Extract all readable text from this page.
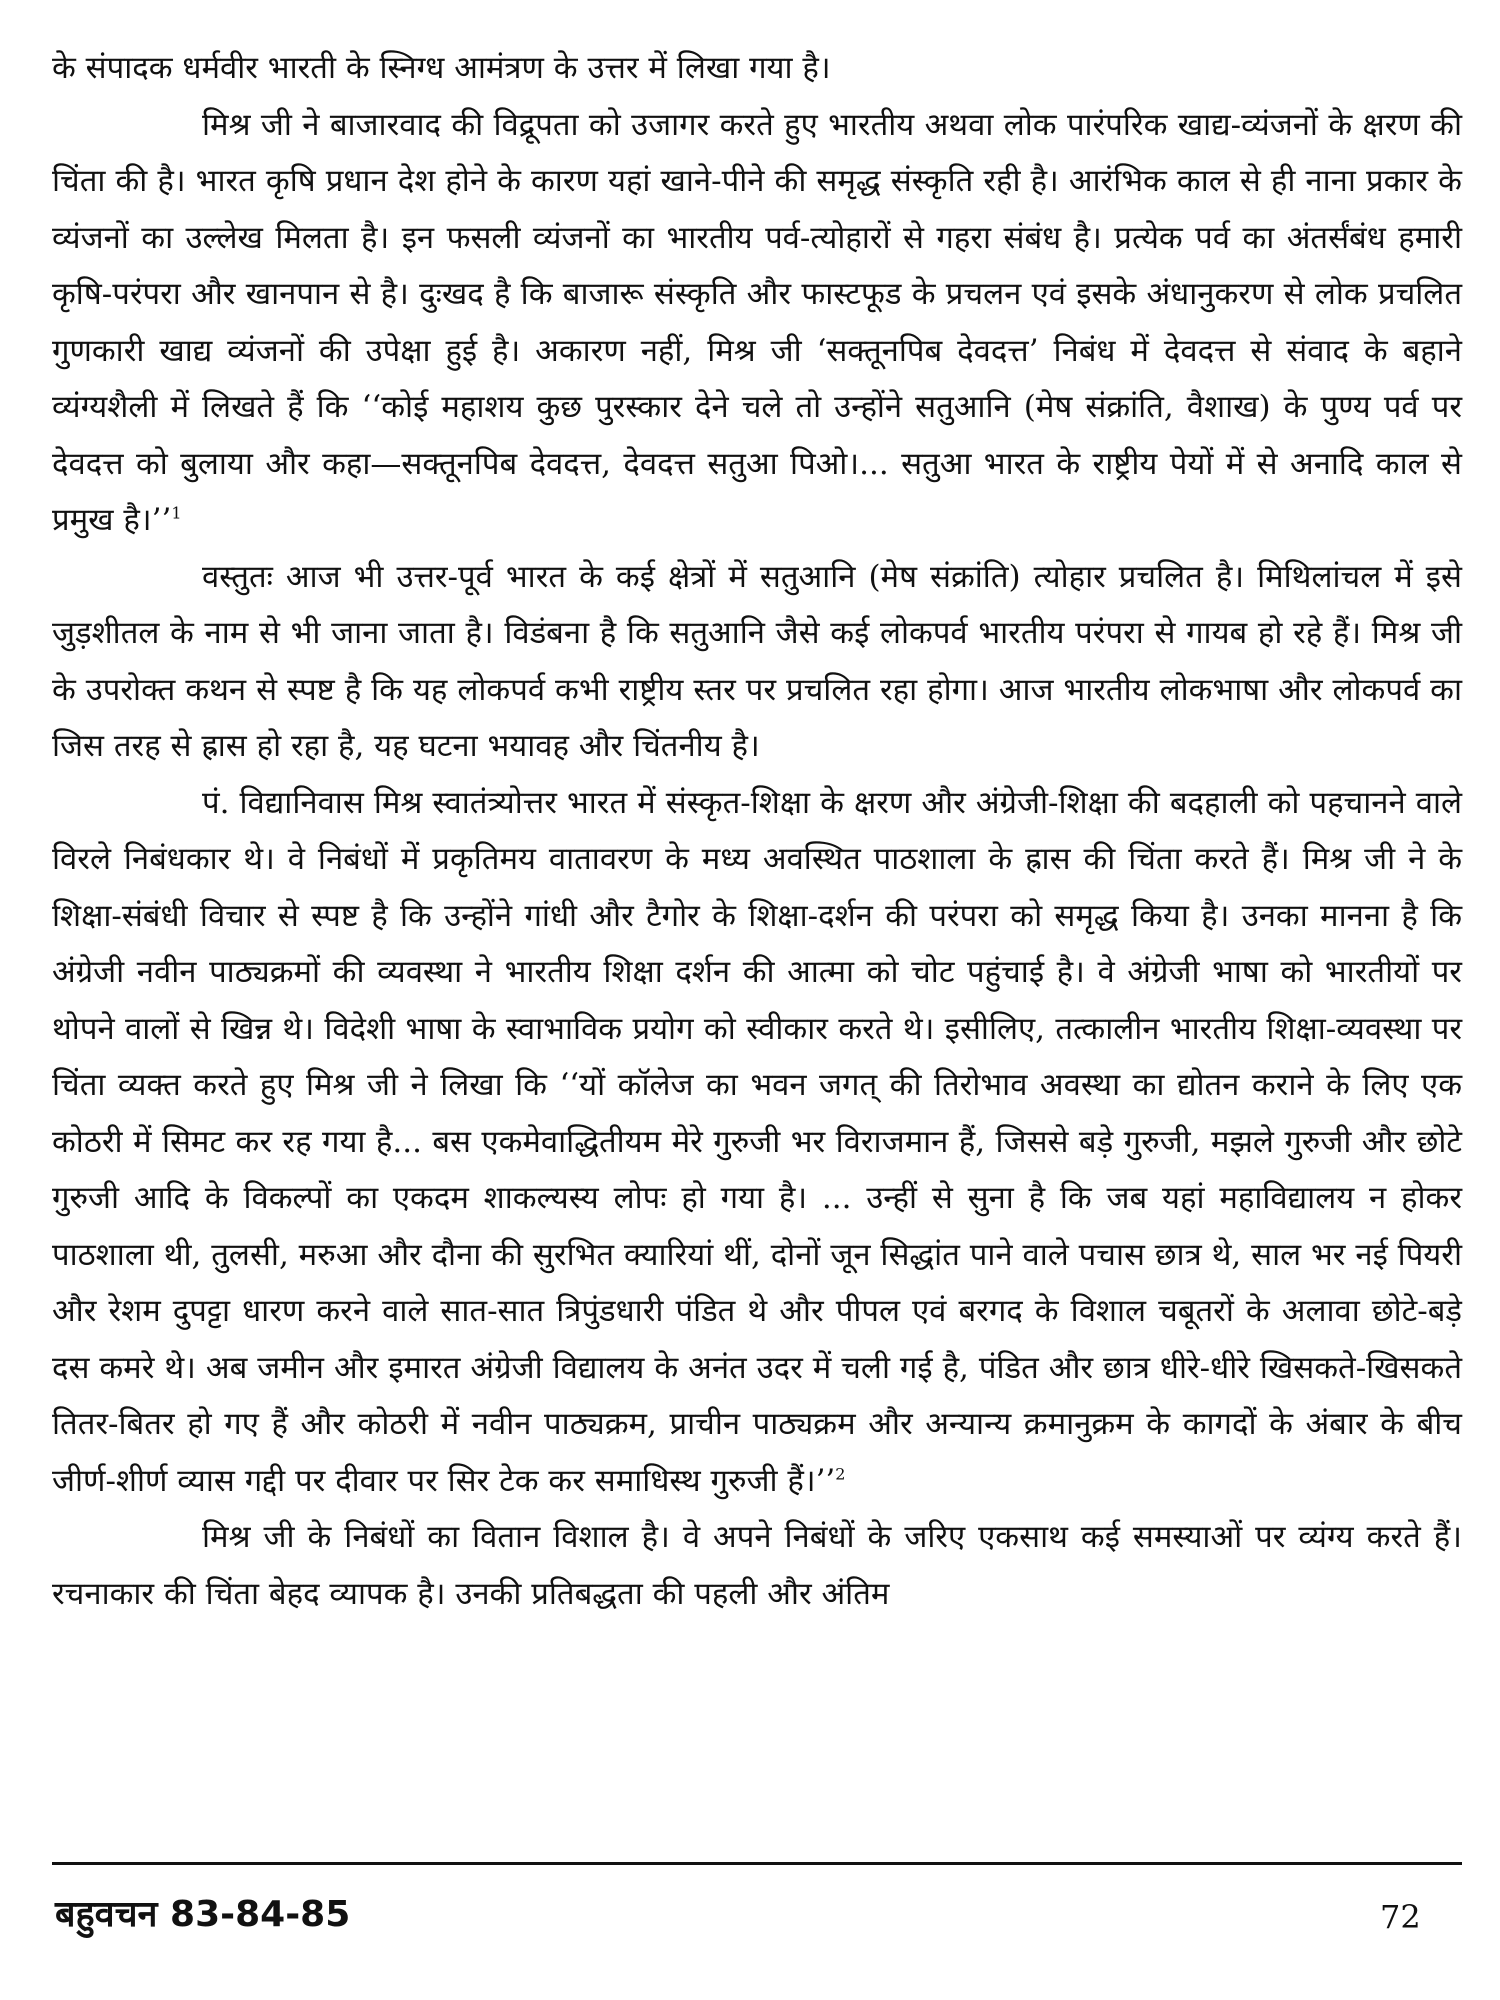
के संपादक धर्मवीर भारती के स्निग्ध आमंत्रण के उत्तर में लिखा गया है।

मिश्र जी ने बाजारवाद की विद्रूपता को उजागर करते हुए भारतीय अथवा लोक पारंपरिक खाद्य-व्यंजनों के क्षरण की चिंता की है। भारत कृषि प्रधान देश होने के कारण यहां खाने-पीने की समृद्ध संस्कृति रही है। आरंभिक काल से ही नाना प्रकार के व्यंजनों का उल्लेख मिलता है। इन फसली व्यंजनों का भारतीय पर्व-त्योहारों से गहरा संबंध है। प्रत्येक पर्व का अंतर्संबंध हमारी कृषि-परंपरा और खानपान से है। दुःखद है कि बाजारू संस्कृति और फास्टफूड के प्रचलन एवं इसके अंधानुकरण से लोक प्रचलित गुणकारी खाद्य व्यंजनों की उपेक्षा हुई है। अकारण नहीं, मिश्र जी ‘सक्तूनपिब देवदत्त’ निबंध में देवदत्त से संवाद के बहाने व्यंग्यशैली में लिखते हैं कि ‘‘कोई महाशय कुछ पुरस्कार देने चले तो उन्होंने सतुआनि (मेष संक्रांति, वैशाख) के पुण्य पर्व पर देवदत्त को बुलाया और कहा—सक्तूनपिब देवदत्त, देवदत्त सतुआ पिओ।... सतुआ भारत के राष्ट्रीय पेयों में से अनादि काल से प्रमुख है।’’$^1$

वस्तुतः आज भी उत्तर-पूर्व भारत के कई क्षेत्रों में सतुआनि (मेष संक्रांति) त्योहार प्रचलित है। मिथिलांचल में इसे जुड़शीतल के नाम से भी जाना जाता है। विडंबना है कि सतुआनि जैसे कई लोकपर्व भारतीय परंपरा से गायब हो रहे हैं। मिश्र जी के उपरोक्त कथन से स्पष्ट है कि यह लोकपर्व कभी राष्ट्रीय स्तर पर प्रचलित रहा होगा। आज भारतीय लोकभाषा और लोकपर्व का जिस तरह से ह्रास हो रहा है, यह घटना भयावह और चिंतनीय है।

पं. विद्यानिवास मिश्र स्वातंत्र्योत्तर भारत में संस्कृत-शिक्षा के क्षरण और अंग्रेजी-शिक्षा की बदहाली को पहचानने वाले विरले निबंधकार थे। वे निबंधों में प्रकृतिमय वातावरण के मध्य अवस्थित पाठशाला के ह्रास की चिंता करते हैं। मिश्र जी ने के शिक्षा-संबंधी विचार से स्पष्ट है कि उन्होंने गांधी और टैगोर के शिक्षा-दर्शन की परंपरा को समृद्ध किया है। उनका मानना है कि अंग्रेजी नवीन पाठ्यक्रमों की व्यवस्था ने भारतीय शिक्षा दर्शन की आत्मा को चोट पहुंचाई है। वे अंग्रेजी भाषा को भारतीयों पर थोपने वालों से खिन्न थे। विदेशी भाषा के स्वाभाविक प्रयोग को स्वीकार करते थे। इसीलिए, तत्कालीन भारतीय शिक्षा-व्यवस्था पर चिंता व्यक्त करते हुए मिश्र जी ने लिखा कि ‘‘यों कॉलेज का भवन जगत् की तिरोभाव अवस्था का द्योतन कराने के लिए एक कोठरी में सिमट कर रह गया है... बस एकमेवाद्धितीयम मेरे गुरुजी भर विराजमान हैं, जिससे बड़े गुरुजी, मझले गुरुजी और छोटे गुरुजी आदि के विकल्पों का एकदम शाकल्यस्य लोपः हो गया है। ... उन्हीं से सुना है कि जब यहां महाविद्यालय न होकर पाठशाला थी, तुलसी, मरुआ और दौना की सुरभित क्यारियां थीं, दोनों जून सिद्धांत पाने वाले पचास छात्र थे, साल भर नई पियरी और रेशम दुपट्टा धारण करने वाले सात-सात त्रिपुंडधारी पंडित थे और पीपल एवं बरगद के विशाल चबूतरों के अलावा छोटे-बड़े दस कमरे थे। अब जमीन और इमारत अंग्रेजी विद्यालय के अनंत उदर में चली गई है, पंडित और छात्र धीरे-धीरे खिसकते-खिसकते तितर-बितर हो गए हैं और कोठरी में नवीन पाठ्यक्रम, प्राचीन पाठ्यक्रम और अन्यान्य क्रमानुक्रम के कागदों के अंबार के बीच जीर्ण-शीर्ण व्यास गद्दी पर दीवार पर सिर टेक कर समाधिस्थ गुरुजी हैं।’’$^2$

मिश्र जी के निबंधों का वितान विशाल है। वे अपने निबंधों के जरिए एकसाथ कई समस्याओं पर व्यंग्य करते हैं। रचनाकार की चिंता बेहद व्यापक है। उनकी प्रतिबद्धता की पहली और अंतिम

बहुवचन 83-84-85	72
